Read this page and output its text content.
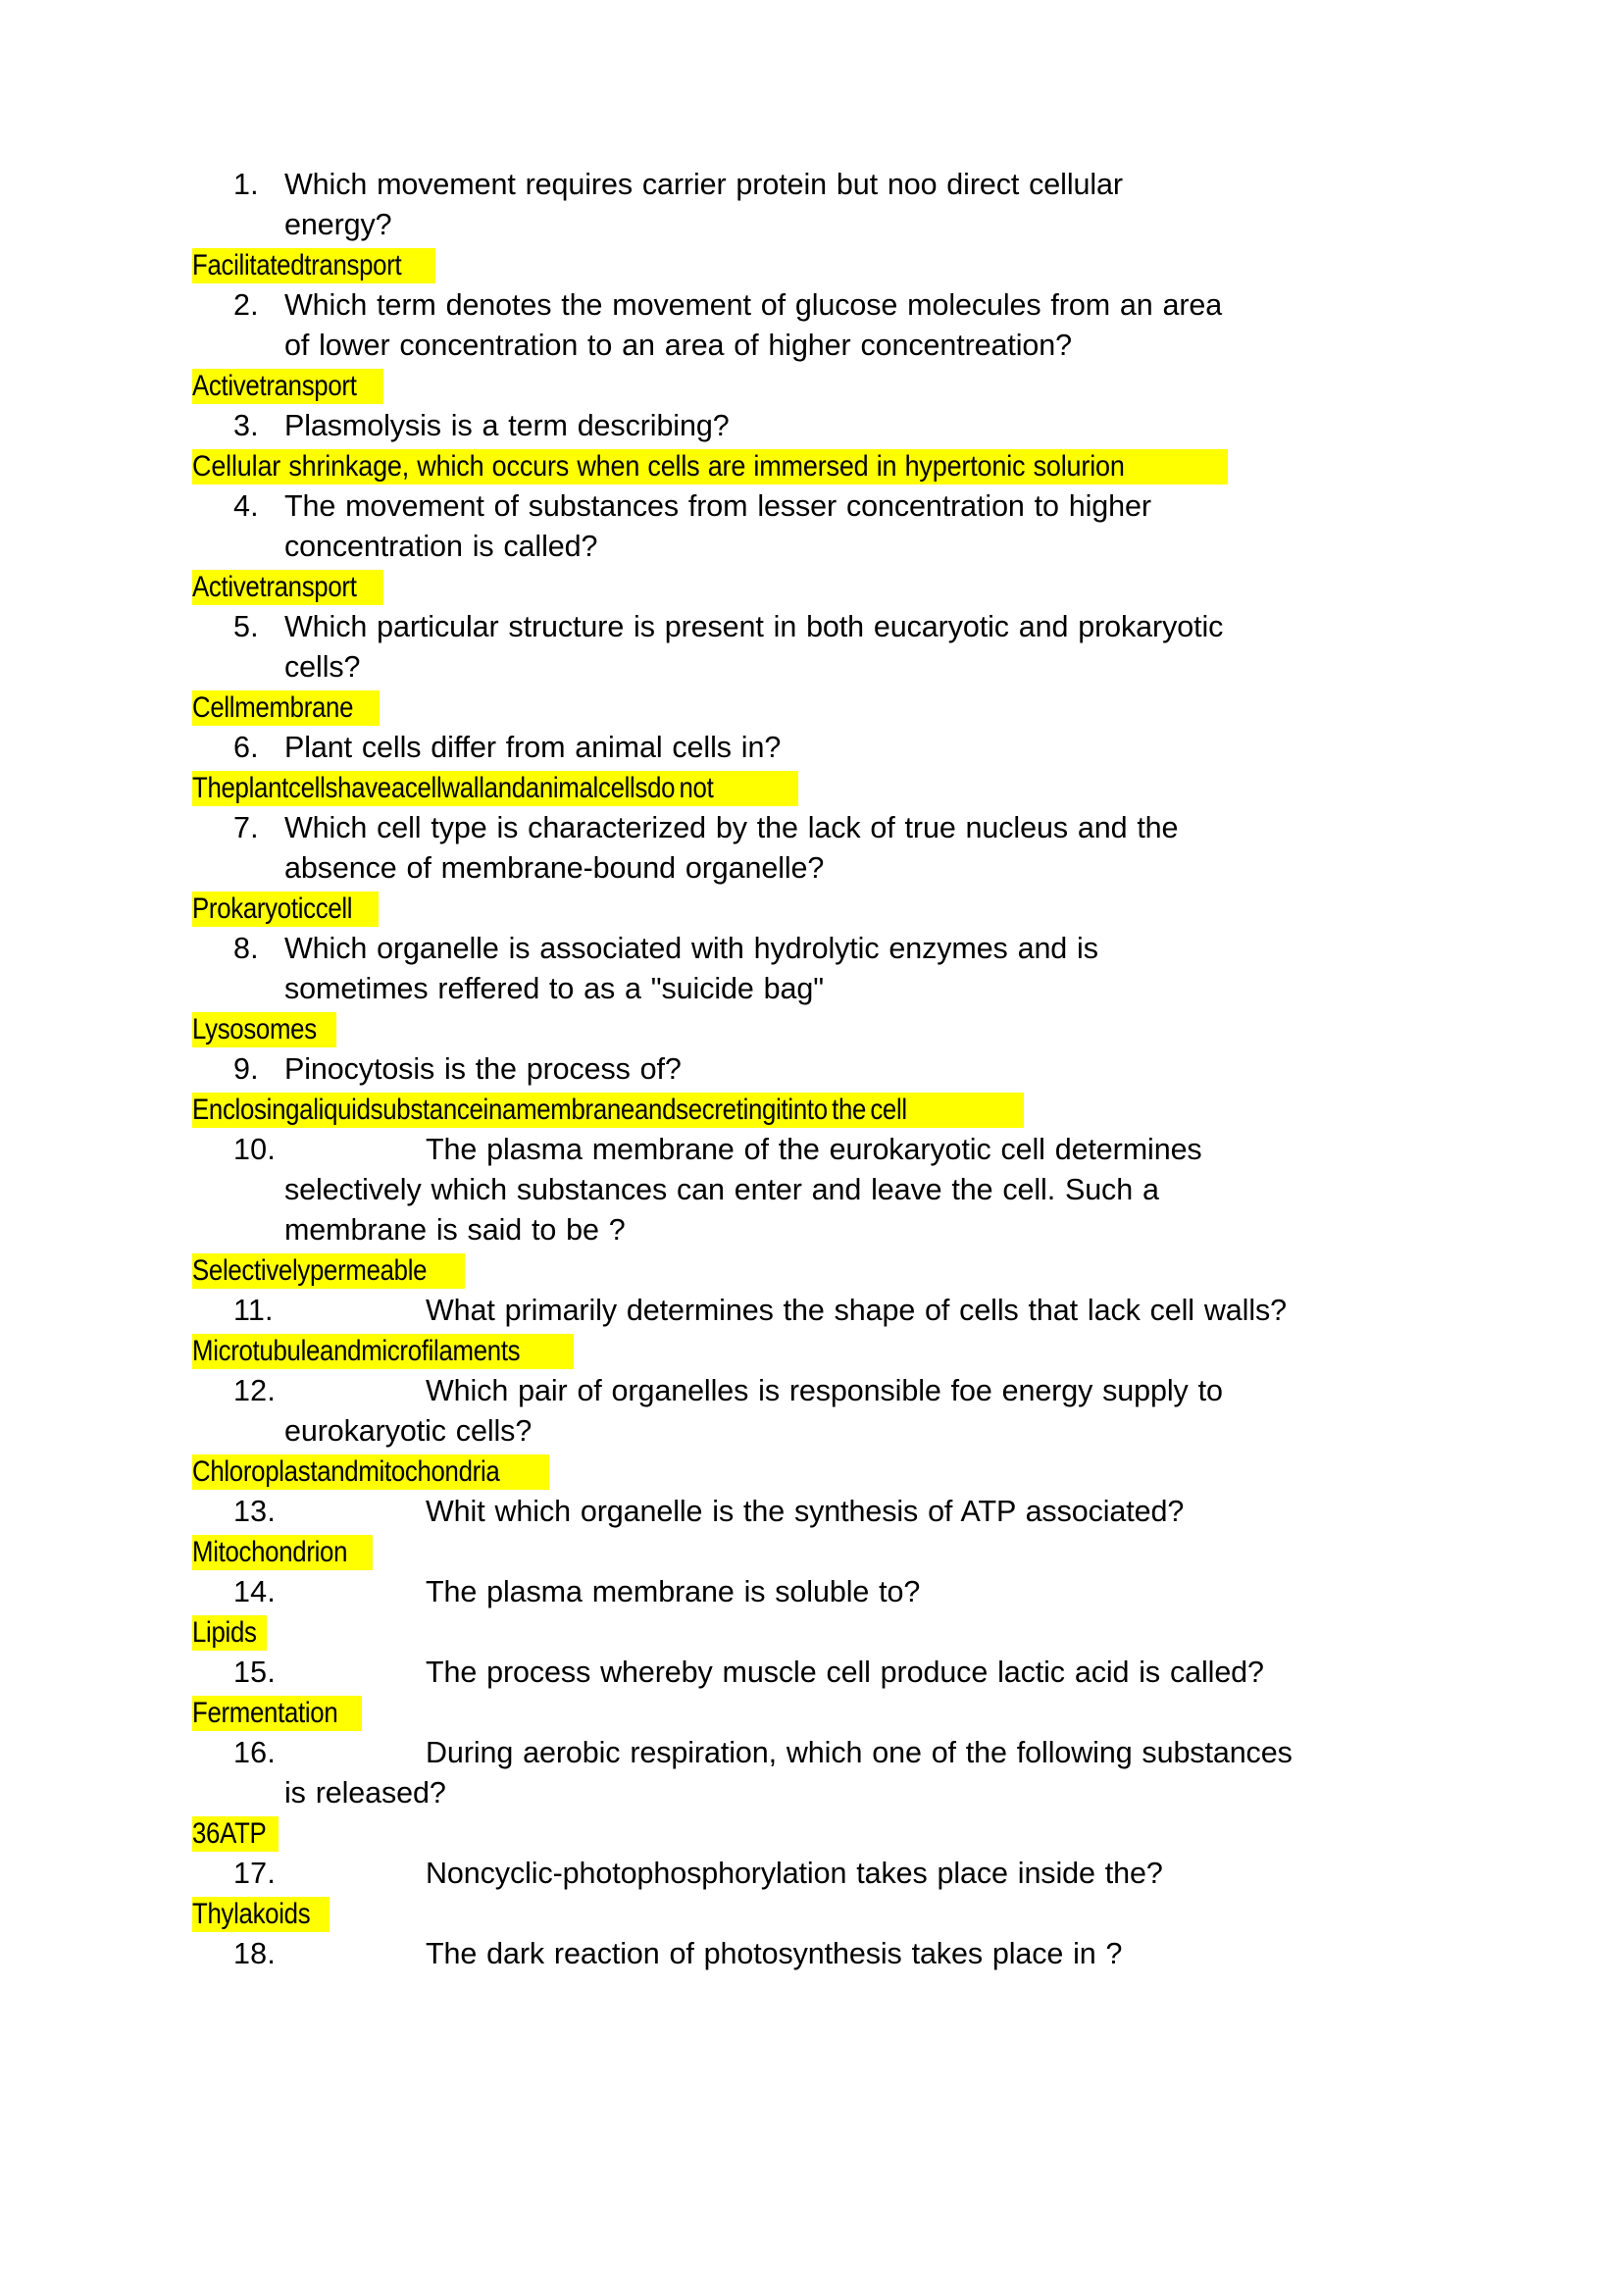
1. Which movement requires carrier protein but noo direct cellular
energy?
Facilitatedtransport
2. Which term denotes the movement of glucose molecules from an area
of lower concentration to an area of higher concentreation?
Activetransport
3. Plasmolysis is a term describing?
Cellular shrinkage, which occurs when cells are immersed in hypertonic solurion
4. The movement of substances from lesser concentration to higher
concentration is called?
Activetransport
5. Which particular structure is present in both eucaryotic and prokaryotic
cells?
Cellmembrane
6. Plant cells differ from animal cells in?
Theplantcellshaveacellwallandanimalcellsdo not
7. Which cell type is characterized by the lack of true nucleus and the
absence of membrane-bound organelle?
Prokaryoticcell
8. Which organelle is associated with hydrolytic enzymes and is
sometimes reffered to as a "suicide bag"
Lysosomes
9. Pinocytosis is the process of?
Enclosingaliquidsubstanceinamembraneandsecretingitinto the cell
10.	The plasma membrane of the eurokaryotic cell determines
selectively which substances can enter and leave the cell. Such a
membrane is said to be ?
Selectivelypermeable
11.	What primarily determines the shape of cells that lack cell walls?
Microtubuleandmicrofilaments
12.	Which pair of organelles is responsible foe energy supply to
eurokaryotic cells?
Chloroplastandmitochondria
13.	Whit which organelle is the synthesis of ATP associated?
Mitochondrion
14.	The plasma membrane is soluble to?
Lipids
15.	The process whereby muscle cell produce lactic acid is called?
Fermentation
16.	During aerobic respiration, which one of the following substances
is released?
36ATP
17.	Noncyclic-photophosphorylation takes place inside the?
Thylakoids
18.	The dark reaction of photosynthesis takes place in ?
